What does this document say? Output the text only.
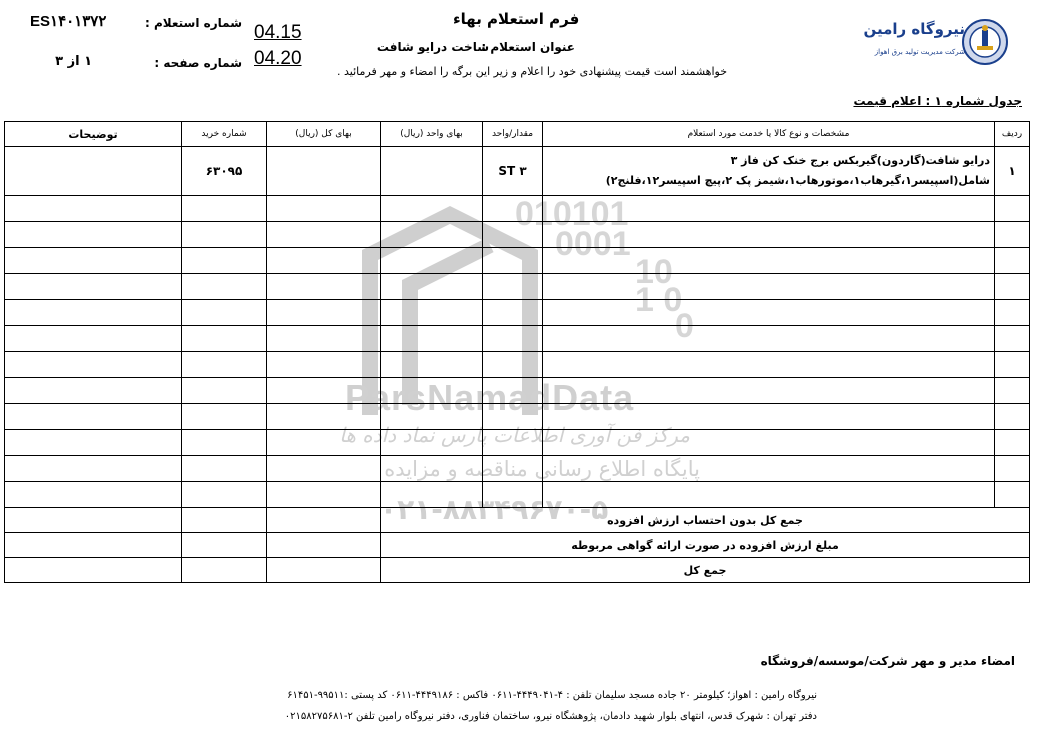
ES۱۴۰۱۳۷۲	شماره استعلام : 04.15
۱ از ۳	شماره صفحه : 04.20
فرم استعلام بهاء
عنوان استعلام :
ساخت درایو شافت
خواهشمند است قیمت پیشنهادی خود را اعلام و زیر این برگه را امضاء و مهر فرمائید .
نیروگاه رامین
شرکت مدیریت تولید برق اهواز
جدول شماره ۱ : اعلام قیمت
010101
0001
10
1 0
0
ParsNamadData
مرکز فن آوری اطلاعات پارس نماد داده ها
پایگاه اطلاع رسانی مناقصه و مزایده
۰۲۱-۸۸۳۴۹۶۷۰-۵
ردیف	مشخصات و نوع کالا یا خدمت مورد استعلام	مقدار/واحد	بهای واحد (ریال)	بهای کل (ریال)	شماره خرید	توضیحات
۱	درایو شافت(گاردون)گیربکس برج خنک کن فاز ۳
شامل(اسپیسر۱،گیرهاب۱،موتورهاب۱،شیمز پک ۲،پیچ اسپیسر۱۲،فلنج۲)	۳ ST			۶۳۰۹۵	

جمع کل بدون احتساب ارزش افزوده						
مبلغ ارزش افزوده در صورت ارائه گواهی مربوطه						
جمع کل						
امضاء مدیر و مهر شرکت/موسسه/فروشگاه
نیروگاه رامین : اهواز؛ کیلومتر ۲۰ جاده مسجد سلیمان تلفن : ۴-۴۴۴۹۰۴۱-۰۶۱۱ فاکس : ۴۴۴۹۱۸۶-۰۶۱۱ کد پستی :۹۹۵۱۱-۶۱۴۵۱
دفتر تهران : شهرک قدس، انتهای بلوار شهید دادمان، پژوهشگاه نیرو، ساختمان فناوری، دفتر نیروگاه رامین تلفن ۲-۰۲۱۵۸۲۷۵۶۸۱
